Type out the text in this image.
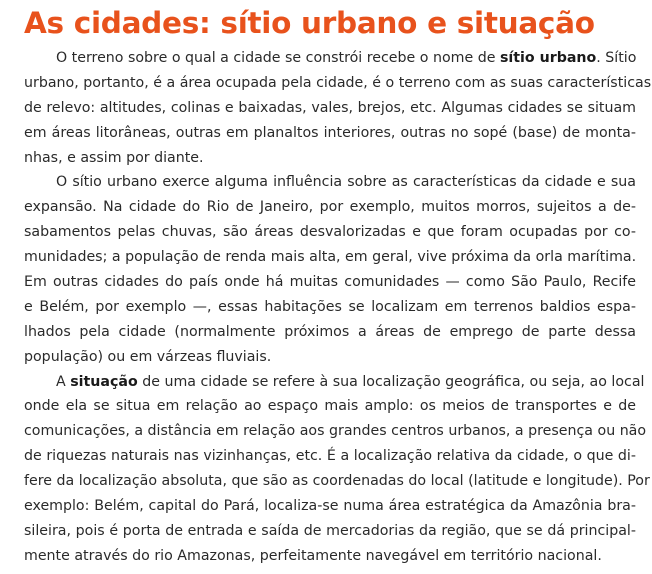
As cidades: sítio urbano e situação
O terreno sobre o qual a cidade se constrói recebe o nome de sítio urbano. Sítio
urbano, portanto, é a área ocupada pela cidade, é o terreno com as suas características
de relevo: altitudes, colinas e baixadas, vales, brejos, etc. Algumas cidades se situam
em áreas litorâneas, outras em planaltos interiores, outras no sopé (base) de monta-
nhas, e assim por diante.
O sítio urbano exerce alguma influência sobre as características da cidade e sua
expansão. Na cidade do Rio de Janeiro, por exemplo, muitos morros, sujeitos a de-
sabamentos pelas chuvas, são áreas desvalorizadas e que foram ocupadas por co-
munidades; a população de renda mais alta, em geral, vive próxima da orla marítima.
Em outras cidades do país onde há muitas comunidades — como São Paulo, Recife
e Belém, por exemplo —, essas habitações se localizam em terrenos baldios espa-
lhados pela cidade (normalmente próximos a áreas de emprego de parte dessa
população) ou em várzeas fluviais.
A situação de uma cidade se refere à sua localização geográfica, ou seja, ao local
onde ela se situa em relação ao espaço mais amplo: os meios de transportes e de
comunicações, a distância em relação aos grandes centros urbanos, a presença ou não
de riquezas naturais nas vizinhanças, etc. É a localização relativa da cidade, o que di-
fere da localização absoluta, que são as coordenadas do local (latitude e longitude). Por
exemplo: Belém, capital do Pará, localiza-se numa área estratégica da Amazônia bra-
sileira, pois é porta de entrada e saída de mercadorias da região, que se dá principal-
mente através do rio Amazonas, perfeitamente navegável em território nacional.
